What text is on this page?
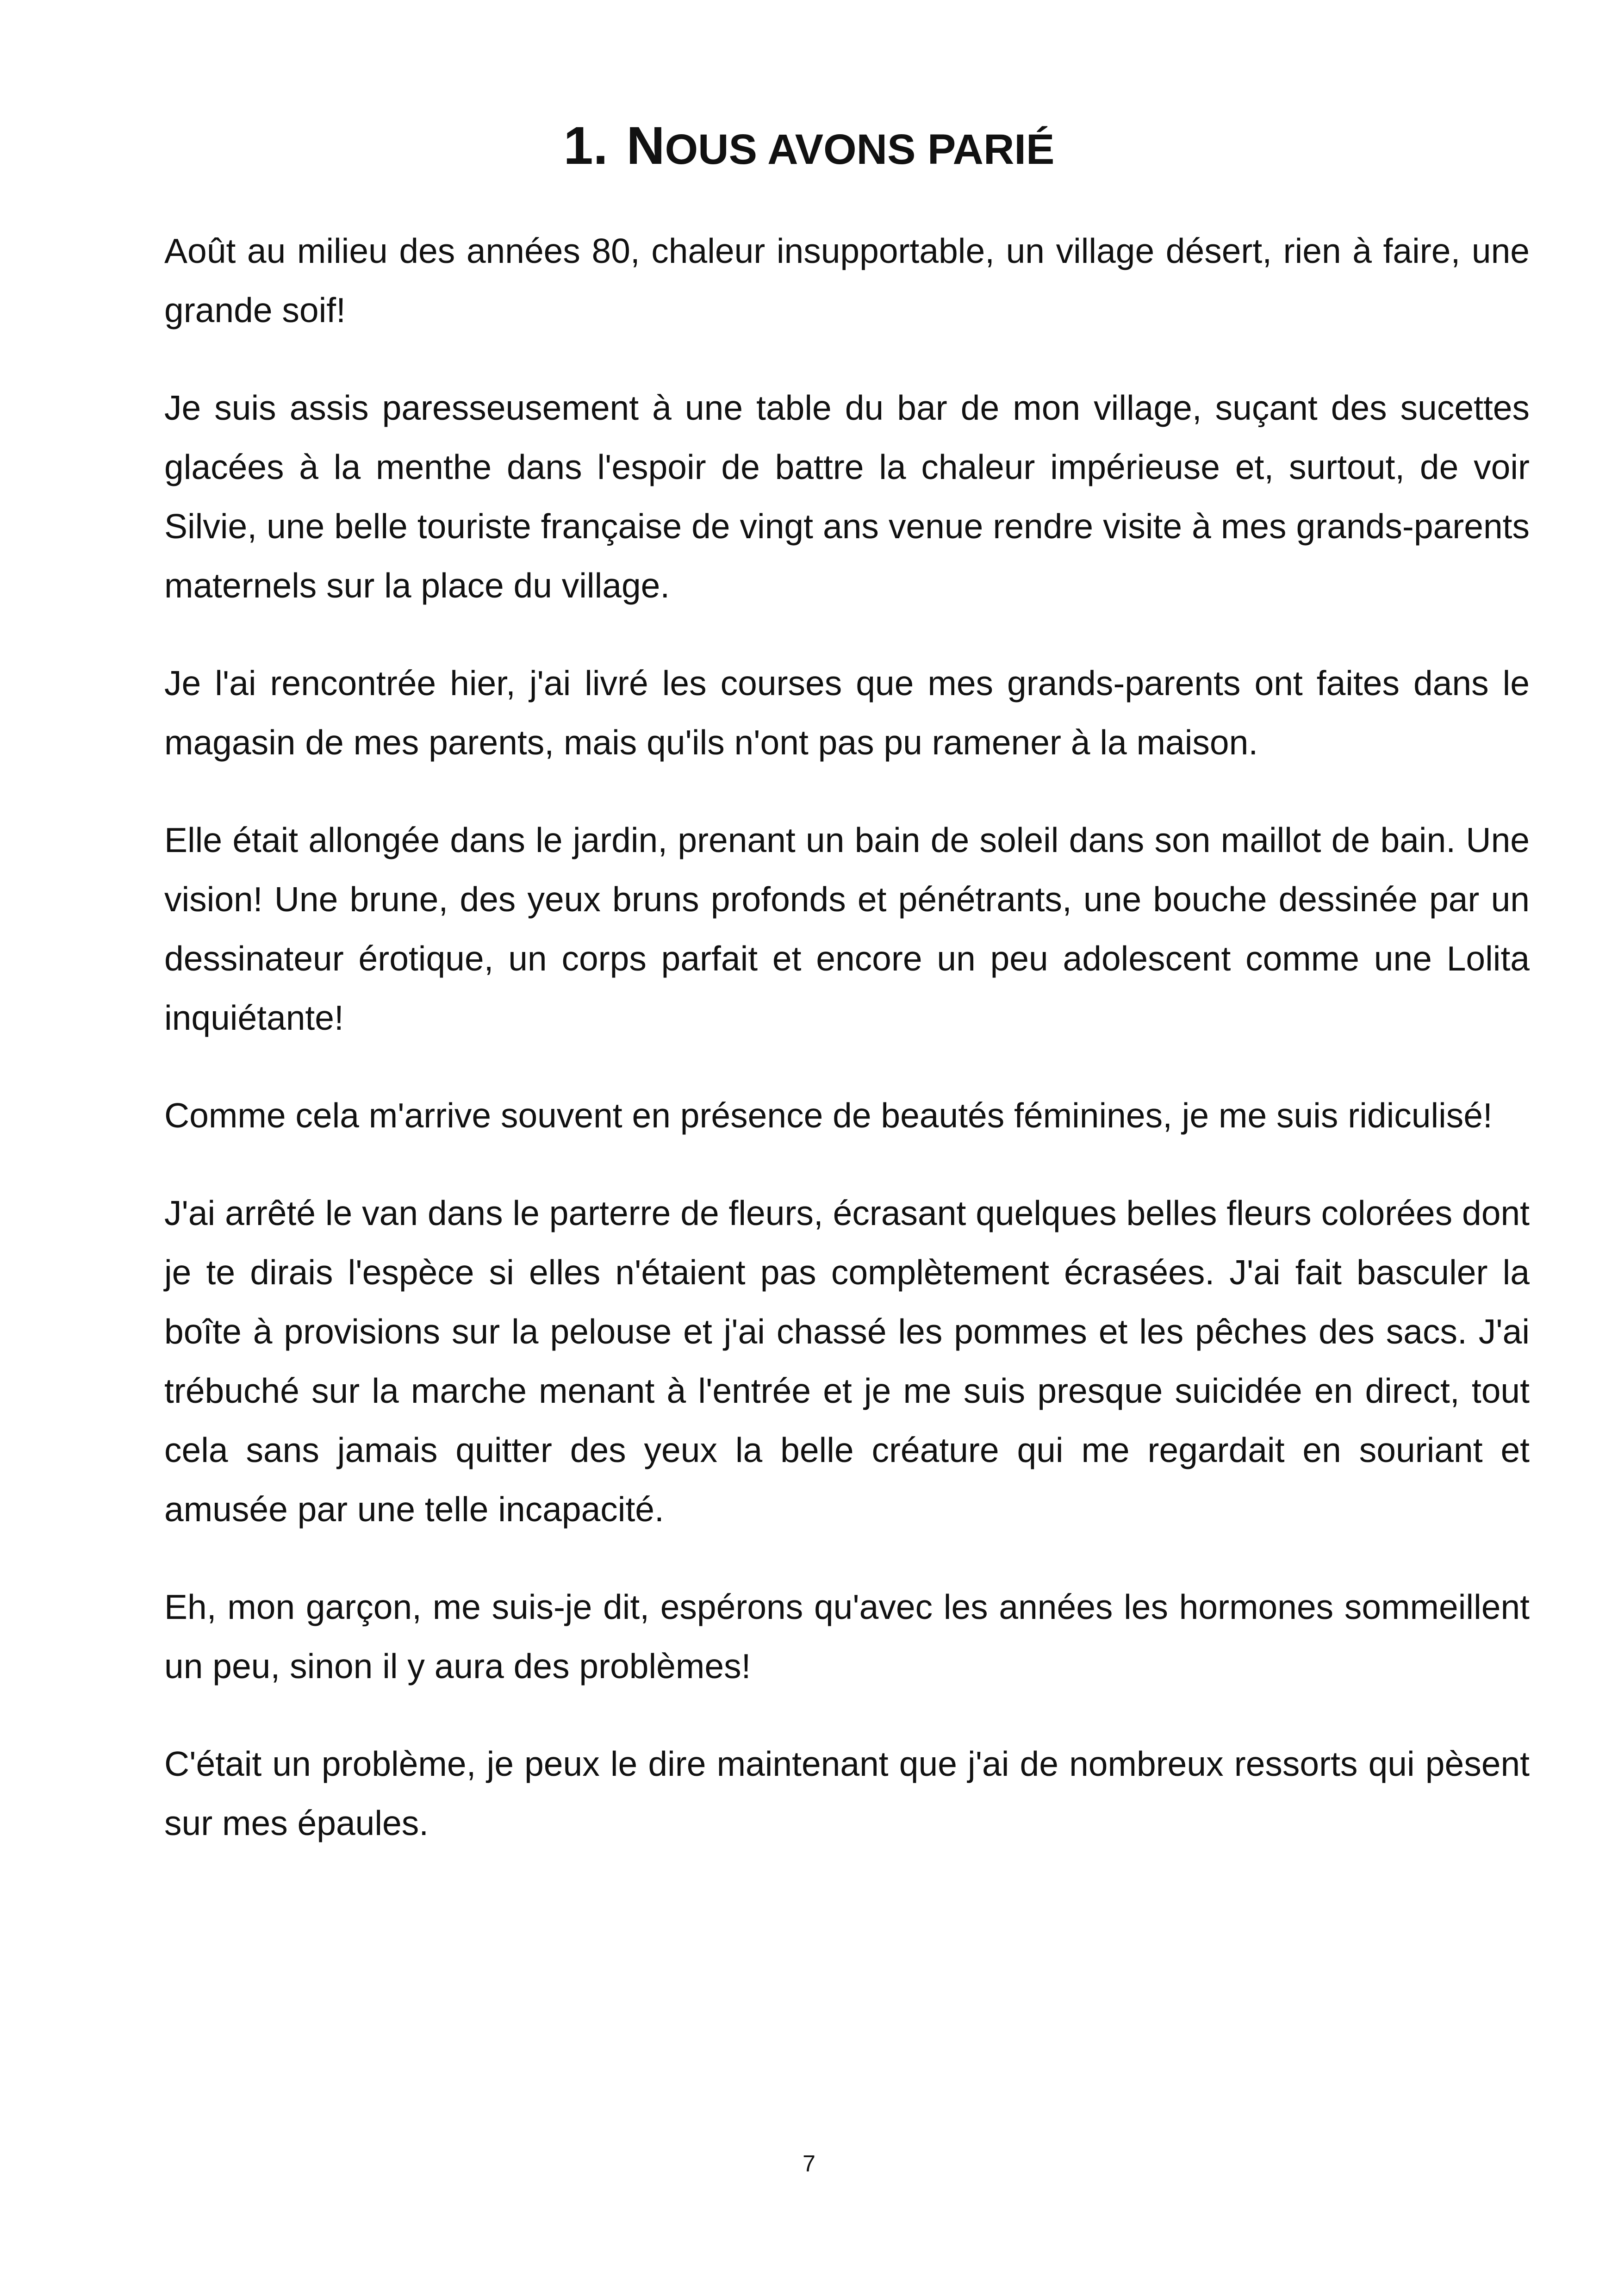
1. NOUS AVONS PARIÉ

Août au milieu des années 80, chaleur insupportable, un village désert, rien à faire, une grande soif!

Je suis assis paresseusement à une table du bar de mon village, suçant des sucettes glacées à la menthe dans l'espoir de battre la chaleur impérieuse et, surtout, de voir Silvie, une belle touriste française de vingt ans venue rendre visite à mes grands-parents maternels sur la place du village.

Je l'ai rencontrée hier, j'ai livré les courses que mes grands-parents ont faites dans le magasin de mes parents, mais qu'ils n'ont pas pu ramener à la maison.

Elle était allongée dans le jardin, prenant un bain de soleil dans son maillot de bain. Une vision! Une brune, des yeux bruns profonds et pénétrants, une bouche dessinée par un dessinateur érotique, un corps parfait et encore un peu adolescent comme une Lolita inquiétante!

Comme cela m'arrive souvent en présence de beautés féminines, je me suis ridiculisé!

J'ai arrêté le van dans le parterre de fleurs, écrasant quelques belles fleurs colorées dont je te dirais l'espèce si elles n'étaient pas complètement écrasées. J'ai fait basculer la boîte à provisions sur la pelouse et j'ai chassé les pommes et les pêches des sacs. J'ai trébuché sur la marche menant à l'entrée et je me suis presque suicidée en direct, tout cela sans jamais quitter des yeux la belle créature qui me regardait en souriant et amusée par une telle incapacité.

Eh, mon garçon, me suis-je dit, espérons qu'avec les années les hormones sommeillent un peu, sinon il y aura des problèmes!

C'était un problème, je peux le dire maintenant que j'ai de nombreux ressorts qui pèsent sur mes épaules.

7
